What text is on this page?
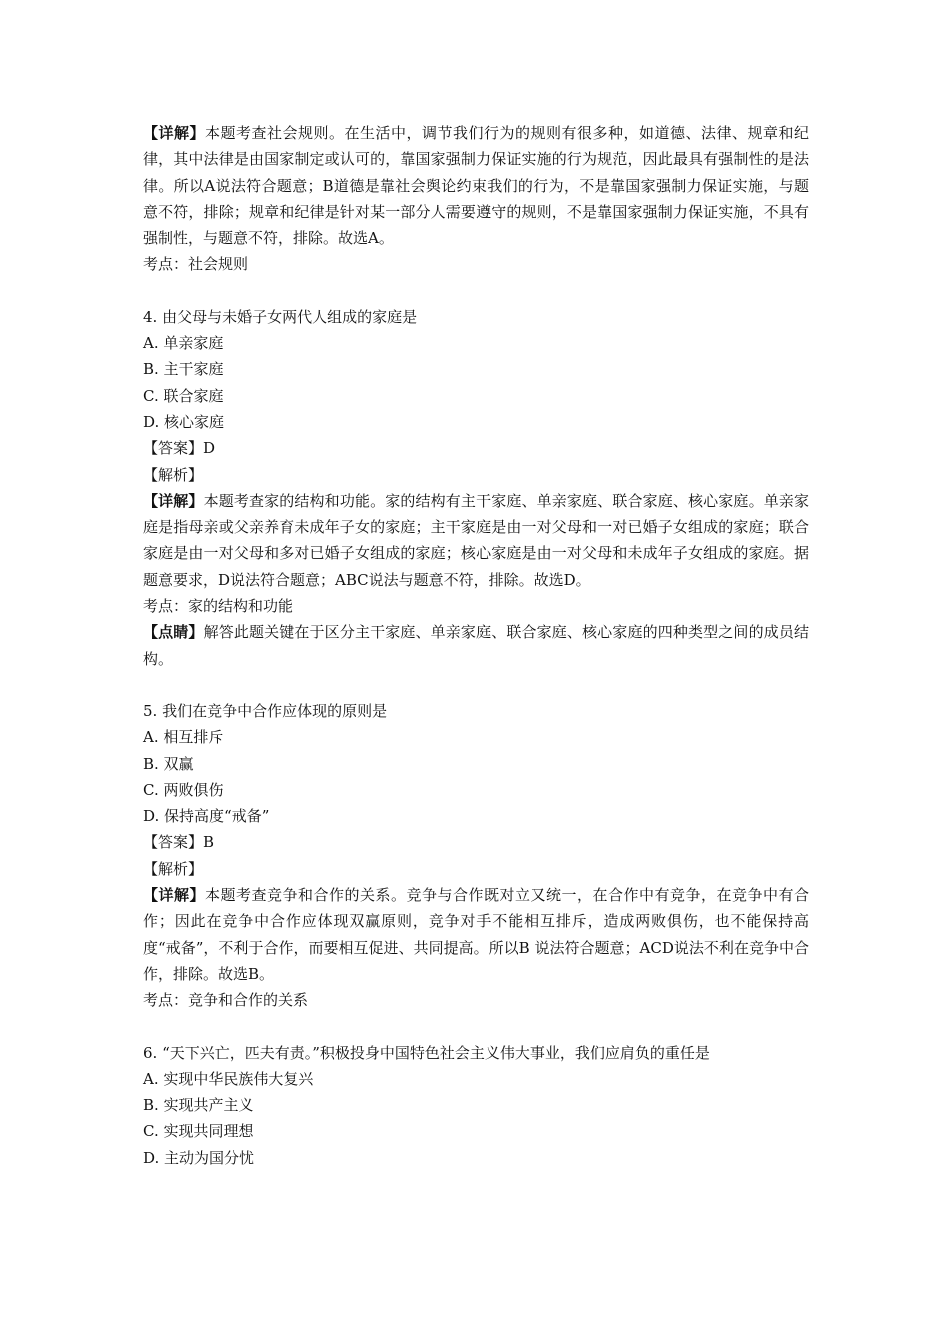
【详解】本题考查社会规则。在生活中，调节我们行为的规则有很多种，如道德、法律、规章和纪律，其中法律是由国家制定或认可的，靠国家强制力保证实施的行为规范，因此最具有强制性的是法律。所以A说法符合题意；B道德是靠社会舆论约束我们的行为，不是靠国家强制力保证实施，与题意不符，排除；规章和纪律是针对某一部分人需要遵守的规则，不是靠国家强制力保证实施，不具有强制性，与题意不符，排除。故选A。

考点：社会规则

4. 由父母与未婚子女两代人组成的家庭是

A. 单亲家庭

B. 主干家庭

C. 联合家庭

D. 核心家庭

【答案】D

【解析】

【详解】本题考查家的结构和功能。家的结构有主干家庭、单亲家庭、联合家庭、核心家庭。单亲家庭是指母亲或父亲养育未成年子女的家庭；主干家庭是由一对父母和一对已婚子女组成的家庭；联合家庭是由一对父母和多对已婚子女组成的家庭；核心家庭是由一对父母和未成年子女组成的家庭。据题意要求，D说法符合题意；ABC说法与题意不符，排除。故选D。

考点：家的结构和功能

【点睛】解答此题关键在于区分主干家庭、单亲家庭、联合家庭、核心家庭的四种类型之间的成员结构。

5. 我们在竞争中合作应体现的原则是

A. 相互排斥

B. 双赢

C. 两败俱伤

D. 保持高度“戒备”

【答案】B

【解析】

【详解】本题考查竞争和合作的关系。竞争与合作既对立又统一，在合作中有竞争，在竞争中有合作；因此在竞争中合作应体现双赢原则，竞争对手不能相互排斥，造成两败俱伤，也不能保持高度“戒备”，不利于合作，而要相互促进、共同提高。所以B 说法符合题意；ACD说法不利在竞争中合作，排除。故选B。

考点：竞争和合作的关系

6. “天下兴亡，匹夫有责。”积极投身中国特色社会主义伟大事业，我们应肩负的重任是

A. 实现中华民族伟大复兴

B. 实现共产主义

C. 实现共同理想

D. 主动为国分忧
